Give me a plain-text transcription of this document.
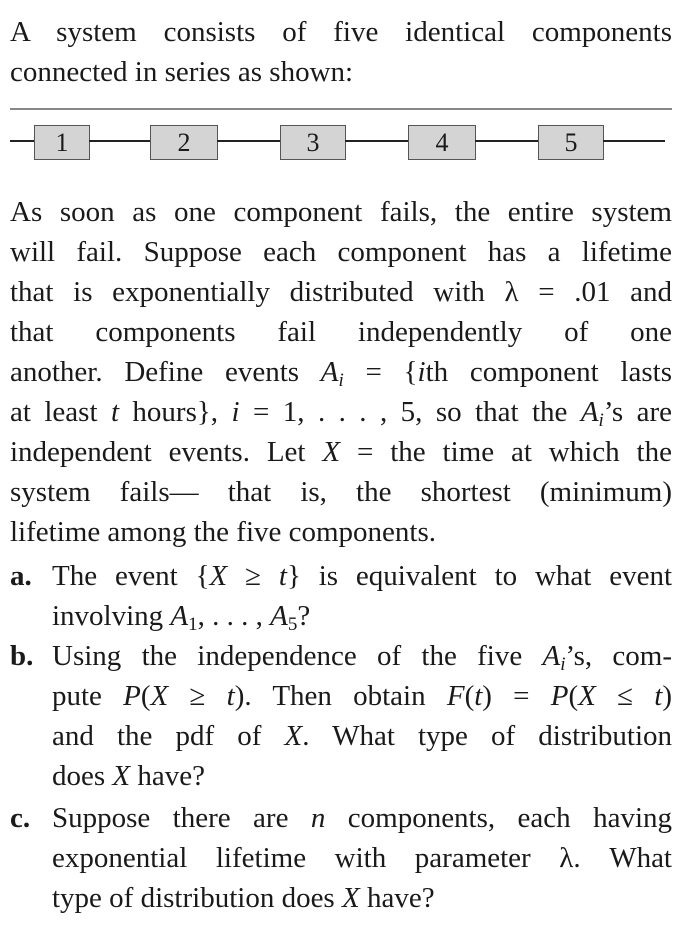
A system consists of five identical components
connected in series as shown:
1	2	3	4	5
As soon as one component fails, the entire system
will fail. Suppose each component has a lifetime
that is exponentially distributed with λ = .01 and
that components fail independently of one
another. Define events $A_i = \{ith$ component lasts
at least t hours}, i = 1, . . . , 5, so that the $A_i’s$ are
independent events. Let X = the time at which the
system fails— that is, the shortest (minimum)
lifetime among the five components.
a. The event {X ≥ t} is equivalent to what event
involving $A_1$, . . . , $A_5$?
b. Using the independence of the five $A_i’s$, com-
pute P(X ≥ t). Then obtain F(t) = P(X ≤ t)
and the pdf of X. What type of distribution
does X have?
c. Suppose there are n components, each having
exponential lifetime with parameter λ. What
type of distribution does X have?
